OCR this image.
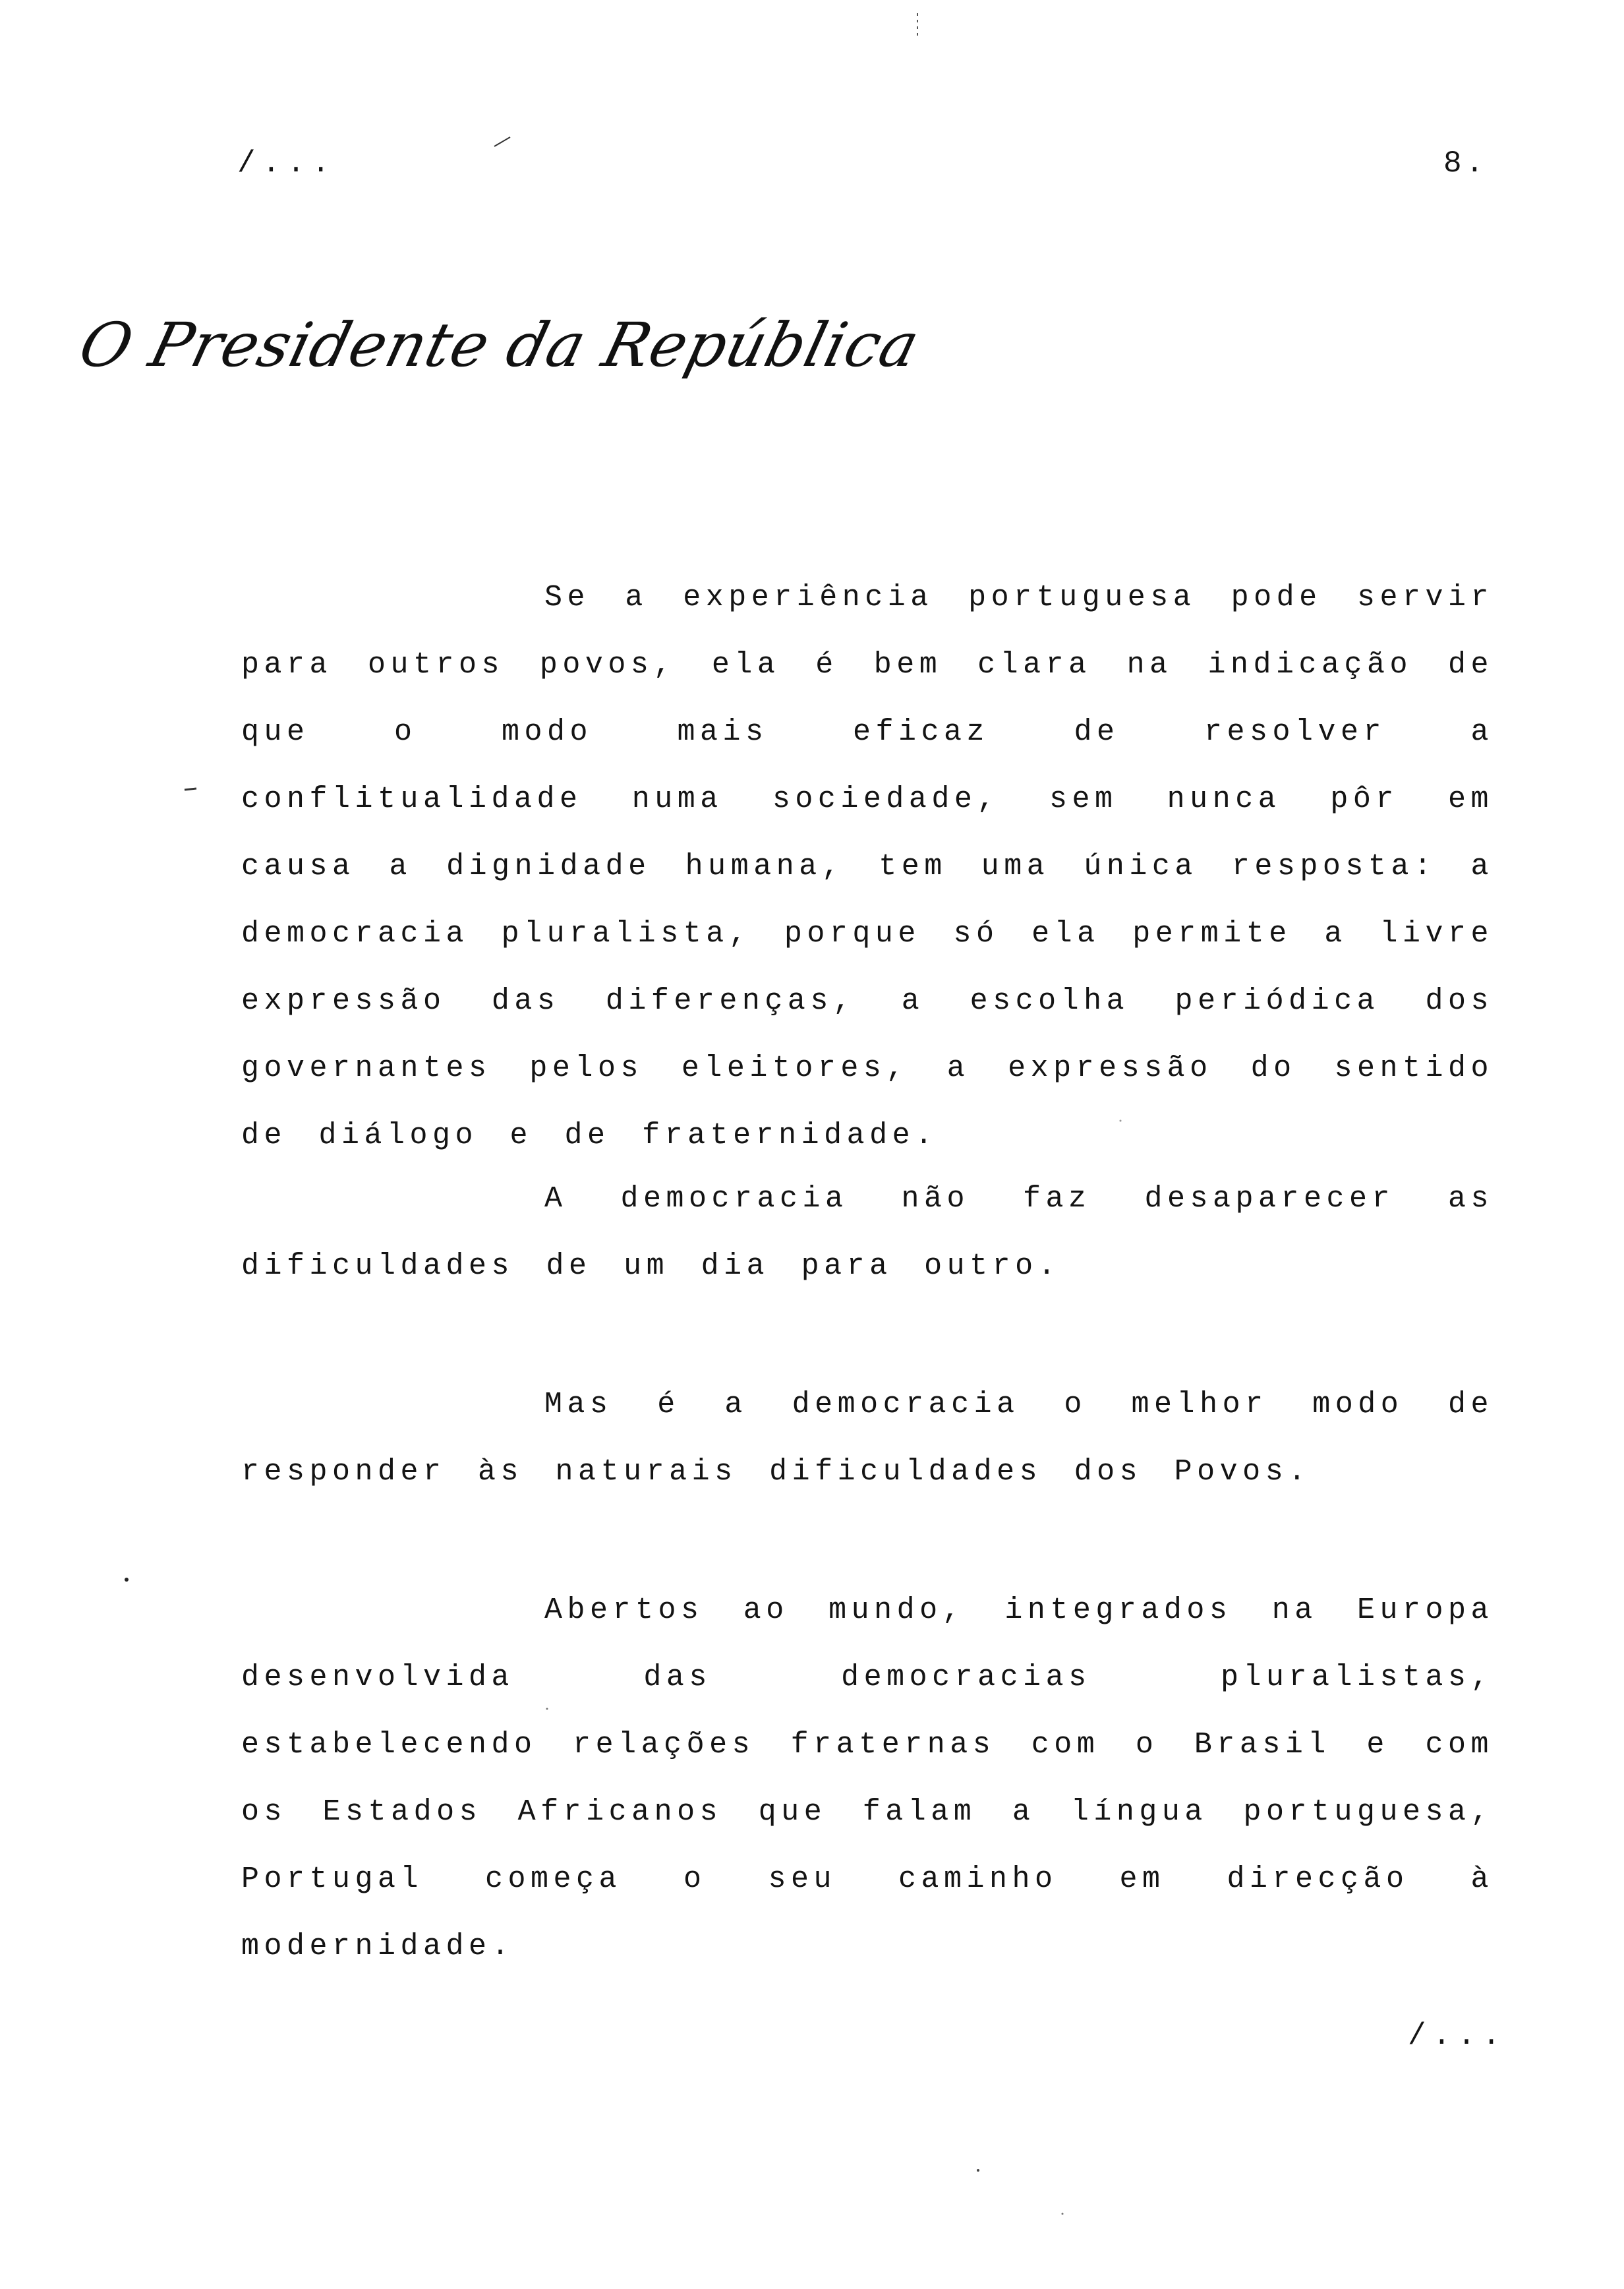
/...	8.
O Presidente da República

Se a experiência portuguesa pode servir para outros povos, ela é bem clara na indicação de que o modo mais eficaz de resolver a conflitualidade numa sociedade, sem nunca pôr em causa a dignidade humana, tem uma única resposta: a democracia pluralista, porque só ela permite a livre expressão das diferenças, a escolha periódica dos governantes pelos eleitores, a expressão do sentido de diálogo e de fraternidade.

A democracia não faz desaparecer as dificuldades de um dia para outro.

Mas é a democracia o melhor modo de responder às naturais dificuldades dos Povos.

Abertos ao mundo, integrados na Europa desenvolvida das democracias pluralistas, estabelecendo relações fraternas com o Brasil e com os Estados Africanos que falam a língua portuguesa, Portugal começa o seu caminho em direcção à modernidade.

/...
